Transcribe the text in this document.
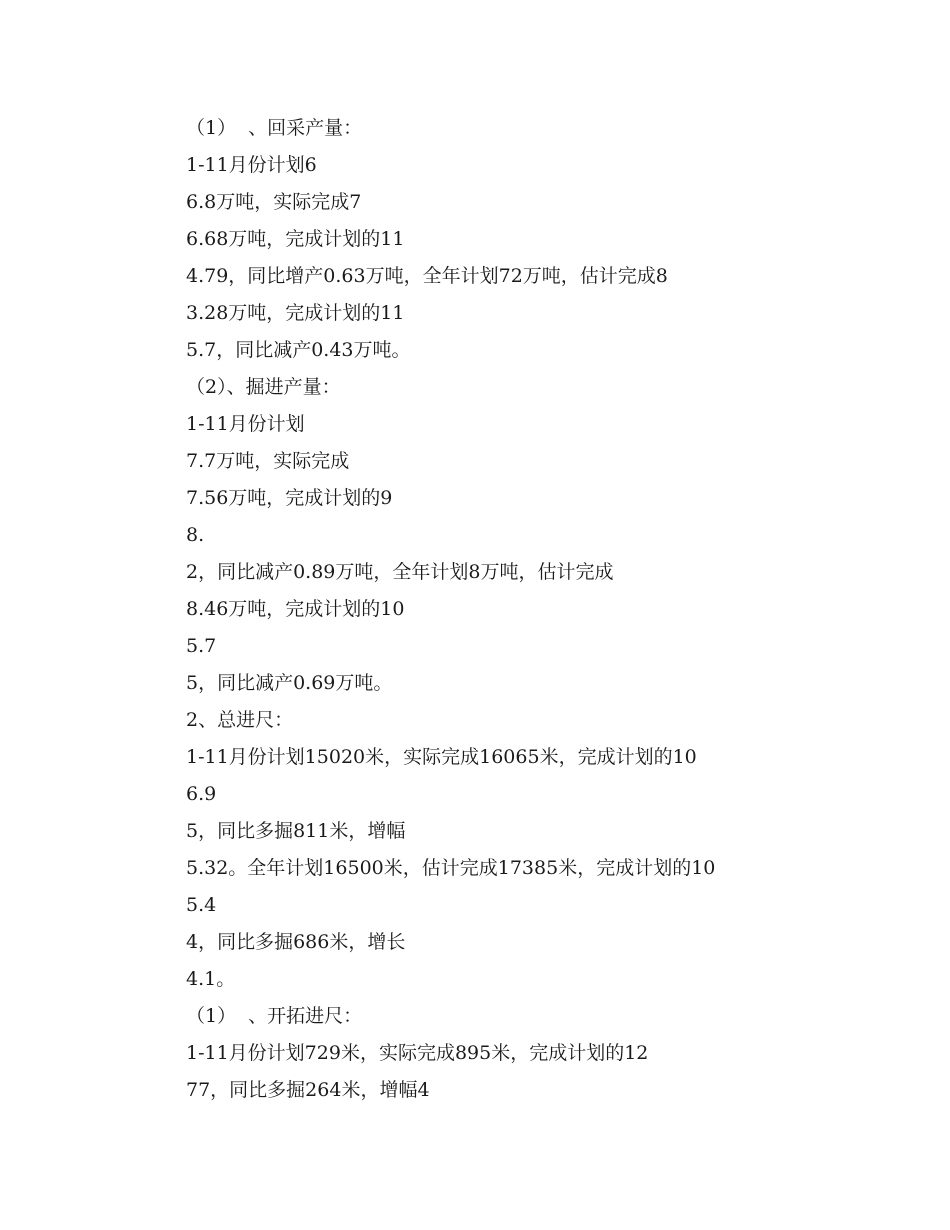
（1）  、回采产量：
1-11月份计划6
6.8万吨，实际完成7
6.68万吨，完成计划的11
4.79，同比增产0.63万吨，全年计划72万吨，估计完成8
3.28万吨，完成计划的11
5.7，同比减产0.43万吨。
（2）、掘进产量：
1-11月份计划
7.7万吨，实际完成
7.56万吨，完成计划的9
8.
2，同比减产0.89万吨，全年计划8万吨，估计完成
8.46万吨，完成计划的10
5.7
5，同比减产0.69万吨。
2、总进尺：
1-11月份计划15020米，实际完成16065米，完成计划的10
6.9
5，同比多掘811米，增幅
5.32。全年计划16500米，估计完成17385米，完成计划的10
5.4
4，同比多掘686米，增长
4.1。
（1）  、开拓进尺：
1-11月份计划729米，实际完成895米，完成计划的12
77，同比多掘264米，增幅4
